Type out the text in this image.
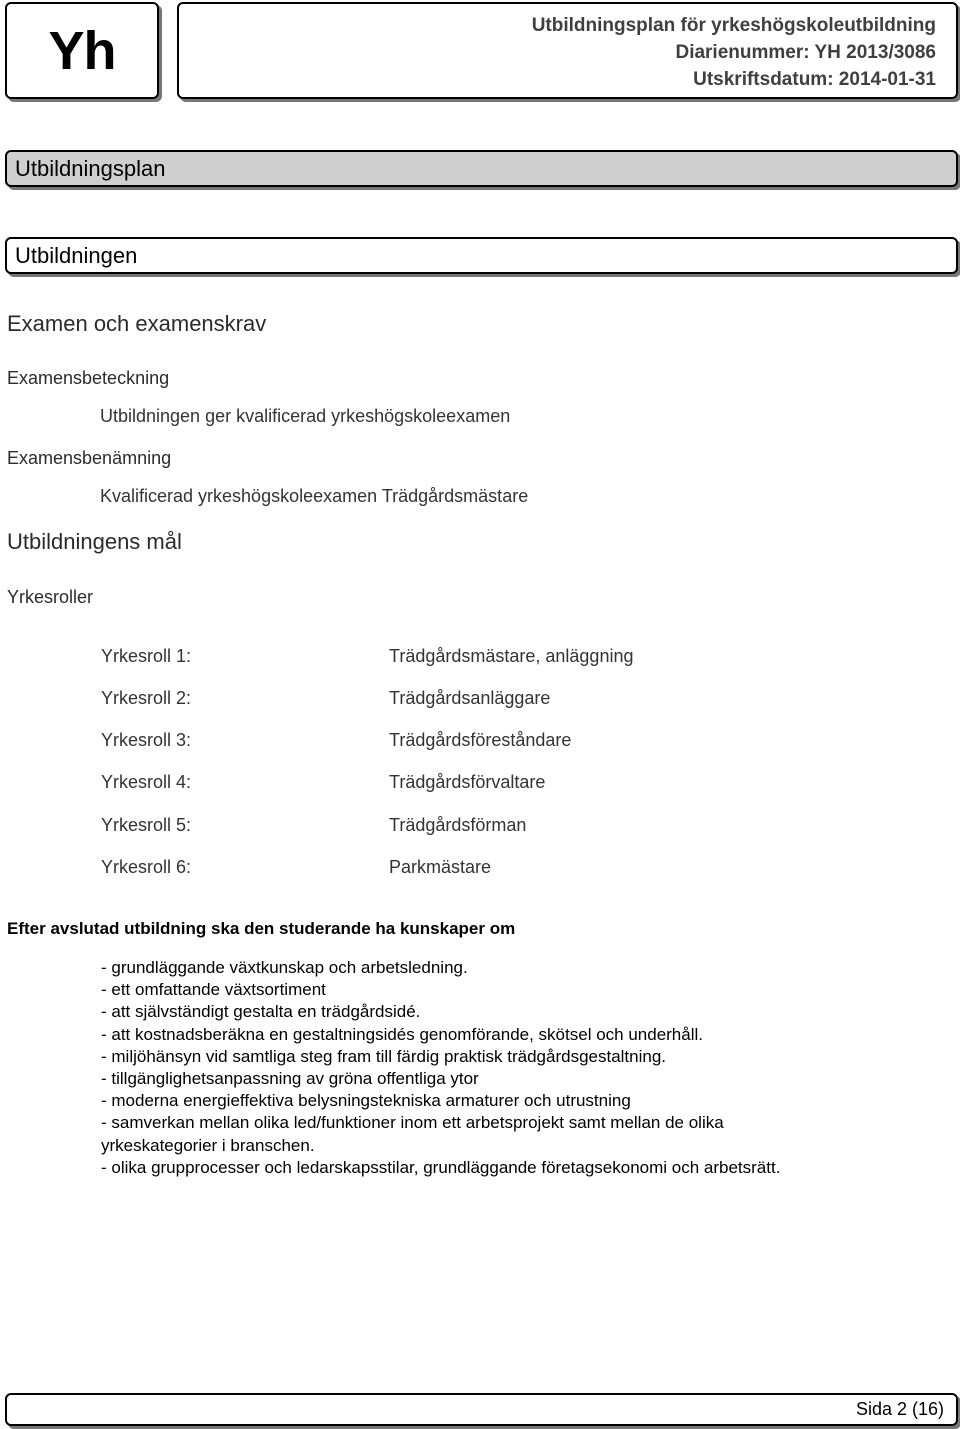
Yh	Utbildningsplan för yrkeshögskoleutbildning
Diarienummer: YH 2013/3086
Utskriftsdatum: 2014-01-31
Utbildningsplan
Utbildningen
Examen och examenskrav
Examensbeteckning
Utbildningen ger kvalificerad yrkeshögskoleexamen
Examensbenämning
Kvalificerad yrkeshögskoleexamen Trädgårdsmästare
Utbildningens mål
Yrkesroller
Yrkesroll 1:	Trädgårdsmästare, anläggning
Yrkesroll 2:	Trädgårdsanläggare
Yrkesroll 3:	Trädgårdsföreståndare
Yrkesroll 4:	Trädgårdsförvaltare
Yrkesroll 5:	Trädgårdsförman
Yrkesroll 6:	Parkmästare
Efter avslutad utbildning ska den studerande ha kunskaper om
- grundläggande växtkunskap och arbetsledning.
- ett omfattande växtsortiment
- att självständigt gestalta en trädgårdsidé.
- att kostnadsberäkna en gestaltningsidés genomförande, skötsel och underhåll.
- miljöhänsyn vid samtliga steg fram till färdig praktisk trädgårdsgestaltning.
- tillgänglighetsanpassning av gröna offentliga ytor
- moderna energieffektiva belysningstekniska armaturer och utrustning
- samverkan mellan olika led/funktioner inom ett arbetsprojekt samt mellan de olika yrkeskategorier i branschen.
- olika grupprocesser och ledarskapsstilar, grundläggande företagsekonomi och arbetsrätt.
Sida 2 (16)
